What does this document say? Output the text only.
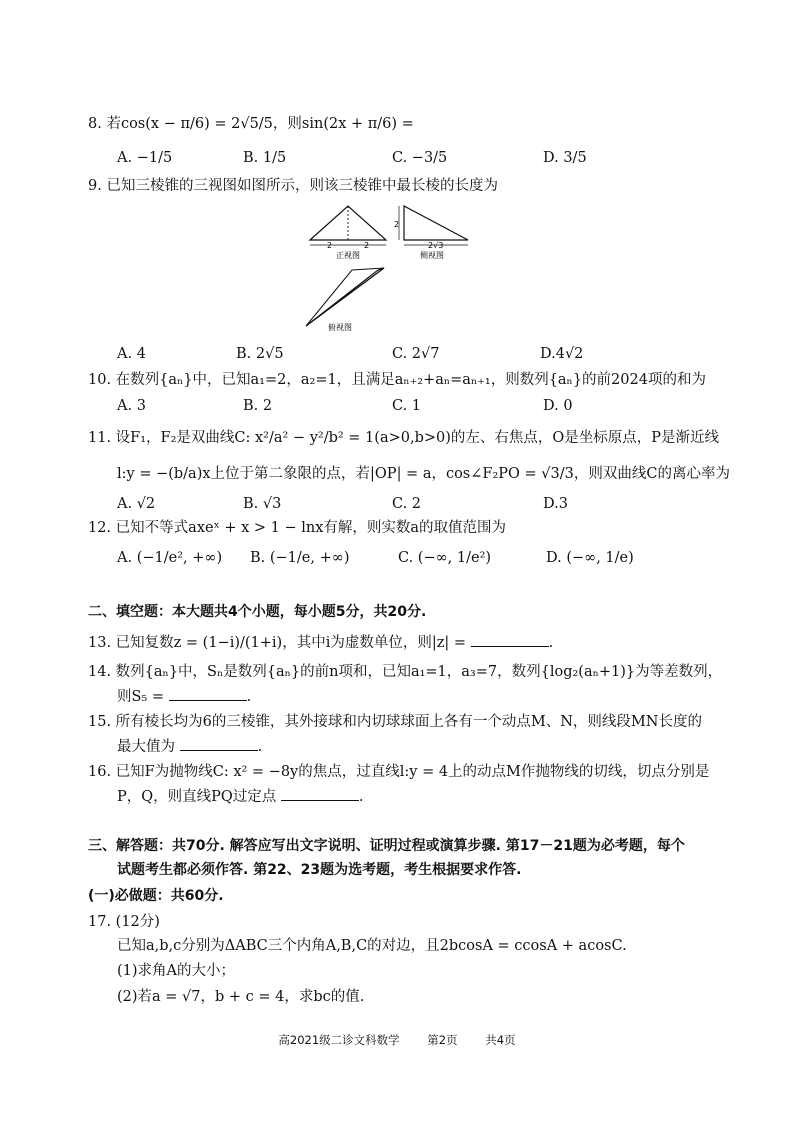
8. 若cos(x − π/6) = 2√5/5，则sin(2x + π/6) =
A. −1/5	B. 1/5	C. −3/5	D. 3/5
9. 已知三棱锥的三视图如图所示，则该三棱锥中最长棱的长度为
2	2
正视图
2
2√3
侧视图
俯视图
A. 4	B. 2√5	C. 2√7	D.4√2
10. 在数列{aₙ}中，已知a₁=2，a₂=1，且满足aₙ₊₂+aₙ=aₙ₊₁，则数列{aₙ}的前2024项的和为
A. 3	B. 2	C. 1	D. 0
11. 设F₁，F₂是双曲线C: x²/a² − y²/b² = 1(a>0,b>0)的左、右焦点，O是坐标原点，P是渐近线
l:y = −(b/a)x上位于第二象限的点，若|OP| = a，cos∠F₂PO = √3/3，则双曲线C的离心率为
A. √2	B. √3	C. 2	D.3
12. 已知不等式axeˣ + x > 1 − lnx有解，则实数a的取值范围为
A. (−1/e², +∞) B. (−1/e, +∞)	C. (−∞, 1/e²)	D. (−∞, 1/e)
二、填空题：本大题共4个小题，每小题5分，共20分.
13. 已知复数z = (1−i)/(1+i)，其中i为虚数单位，则|z| =	.
14. 数列{aₙ}中，Sₙ是数列{aₙ}的前n项和，已知a₁=1，a₃=7，数列{log₂(aₙ+1)}为等差数列，
则S₅ =	.
15. 所有棱长均为6的三棱锥，其外接球和内切球球面上各有一个动点M、N，则线段MN长度的
最大值为	.
16. 已知F为抛物线C: x² = −8y的焦点，过直线l:y = 4上的动点M作抛物线的切线，切点分别是
P，Q，则直线PQ过定点	.
三、解答题：共70分. 解答应写出文字说明、证明过程或演算步骤. 第17－21题为必考题，每个
试题考生都必须作答. 第22、23题为选考题，考生根据要求作答.
(一)必做题：共60分.
17. (12分)
已知a,b,c分别为ΔABC三个内角A,B,C的对边，且2bcosA = ccosA + acosC.
(1)求角A的大小；
(2)若a = √7，b + c = 4，求bc的值.
高2021级二诊文科数学 第2页 共4页
